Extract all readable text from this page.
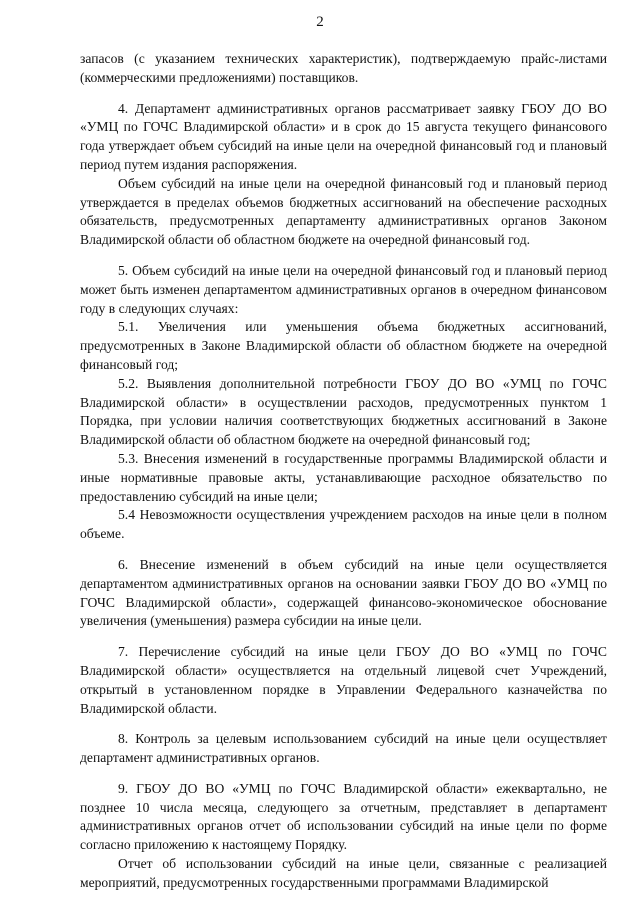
2

запасов (с указанием технических характеристик), подтверждаемую прайс-листами (коммерческими предложениями) поставщиков.

4. Департамент административных органов рассматривает заявку ГБОУ ДО ВО «УМЦ по ГОЧС Владимирской области» и в срок до 15 августа текущего финансового года утверждает объем субсидий на иные цели на очередной финансовый год и плановый период путем издания распоряжения.

Объем субсидий на иные цели на очередной финансовый год и плановый период утверждается в пределах объемов бюджетных ассигнований на обеспечение расходных обязательств, предусмотренных департаменту административных органов Законом Владимирской области об областном бюджете на очередной финансовый год.

5. Объем субсидий на иные цели на очередной финансовый год и плановый период может быть изменен департаментом административных органов в очередном финансовом году в следующих случаях:

5.1. Увеличения или уменьшения объема бюджетных ассигнований, предусмотренных в Законе Владимирской области об областном бюджете на очередной финансовый год;

5.2. Выявления дополнительной потребности ГБОУ ДО ВО «УМЦ по ГОЧС Владимирской области» в осуществлении расходов, предусмотренных пунктом 1 Порядка, при условии наличия соответствующих бюджетных ассигнований в Законе Владимирской области об областном бюджете на очередной финансовый год;

5.3. Внесения изменений в государственные программы Владимирской области и иные нормативные правовые акты, устанавливающие расходное обязательство по предоставлению субсидий на иные цели;

5.4 Невозможности осуществления учреждением расходов на иные цели в полном объеме.

6. Внесение изменений в объем субсидий на иные цели осуществляется департаментом административных органов на основании заявки ГБОУ ДО ВО «УМЦ по ГОЧС Владимирской области», содержащей финансово-экономическое обоснование увеличения (уменьшения) размера субсидии на иные цели.

7. Перечисление субсидий на иные цели ГБОУ ДО ВО «УМЦ по ГОЧС Владимирской области» осуществляется на отдельный лицевой счет Учреждений, открытый в установленном порядке в Управлении Федерального казначейства по Владимирской области.

8. Контроль за целевым использованием субсидий на иные цели осуществляет департамент административных органов.

9. ГБОУ ДО ВО «УМЦ по ГОЧС Владимирской области» ежеквартально, не позднее 10 числа месяца, следующего за отчетным, представляет в департамент административных органов отчет об использовании субсидий на иные цели по форме согласно приложению к настоящему Порядку.

Отчет об использовании субсидий на иные цели, связанные с реализацией мероприятий, предусмотренных государственными программами Владимирской
